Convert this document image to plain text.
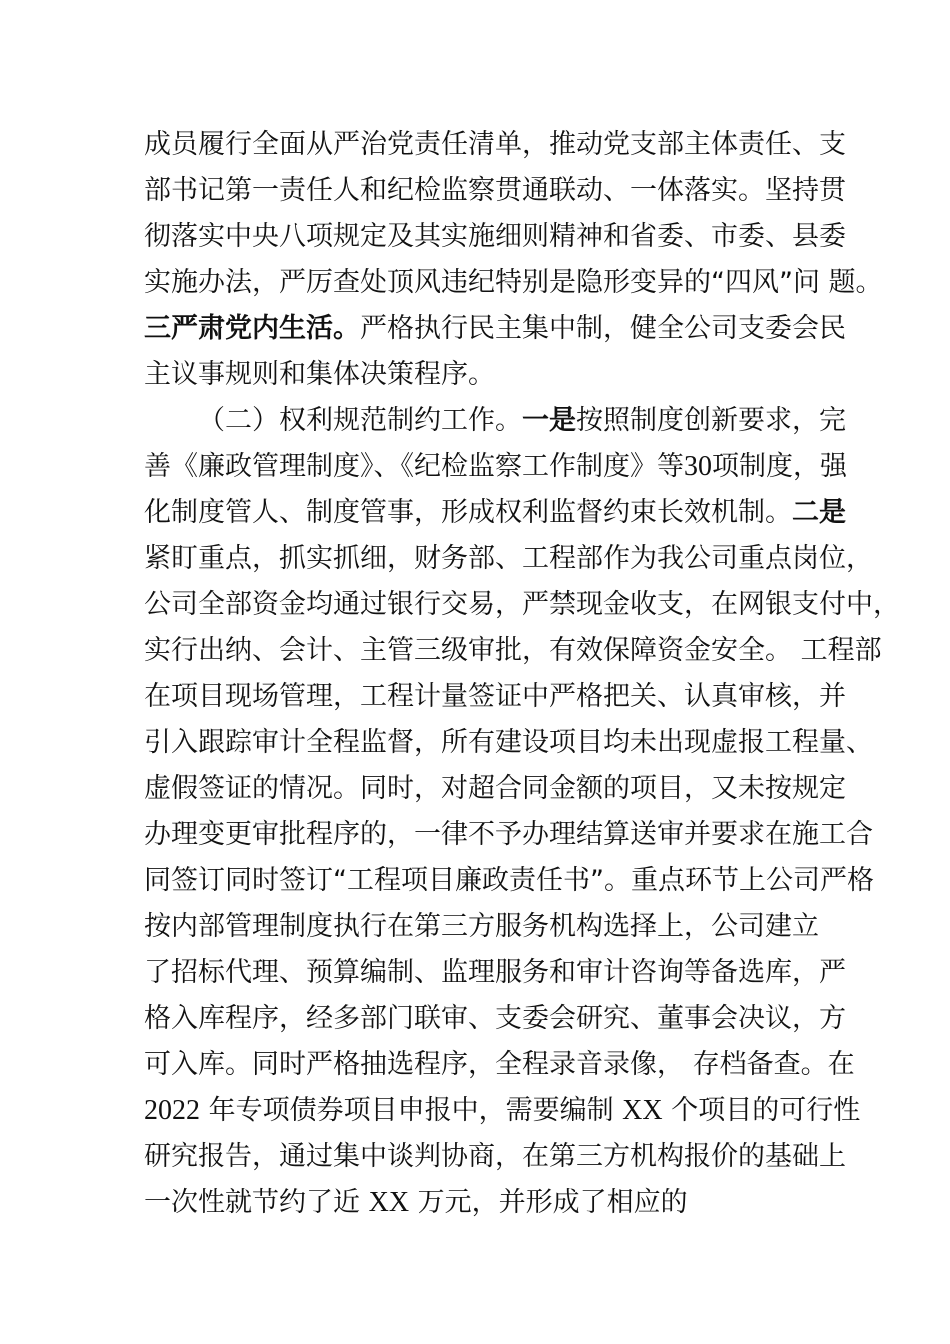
成员履行全面从严治党责任清单，推动党支部主体责任、支
部书记第一责任人和纪检监察贯通联动、一体落实。坚持贯
彻落实中央八项规定及其实施细则精神和省委、市委、县委
实施办法，严厉查处顶风违纪特别是隐形变异的“四风”问 题。
三严肃党内生活。严格执行民主集中制，健全公司支委会民
主议事规则和集体决策程序。
（二）权利规范制约工作。一是按照制度创新要求，完
善《廉政管理制度》、《纪检监察工作制度》等30项制度，强
化制度管人、制度管事，形成权利监督约束长效机制。二是
紧盯重点，抓实抓细，财务部、工程部作为我公司重点岗位，
公司全部资金均通过银行交易，严禁现金收支，在网银支付中，
实行出纳、会计、主管三级审批，有效保障资金安全。 工程部
在项目现场管理，工程计量签证中严格把关、认真审核，并
引入跟踪审计全程监督，所有建设项目均未出现虚报工程量、
虚假签证的情况。同时，对超合同金额的项目，又未按规定
办理变更审批程序的，一律不予办理结算送审并要求在施工合
同签订同时签订“工程项目廉政责任书”。重点环节上公司严格
按内部管理制度执行在第三方服务机构选择上，公司建立
了招标代理、预算编制、监理服务和审计咨询等备选库，严
格入库程序，经多部门联审、支委会研究、董事会决议，方
可入库。同时严格抽选程序，全程录音录像， 存档备查。在
2022 年专项债券项目申报中，需要编制 XX 个项目的可行性
研究报告，通过集中谈判协商，在第三方机构报价的基础上
一次性就节约了近 XX 万元，并形成了相应的
